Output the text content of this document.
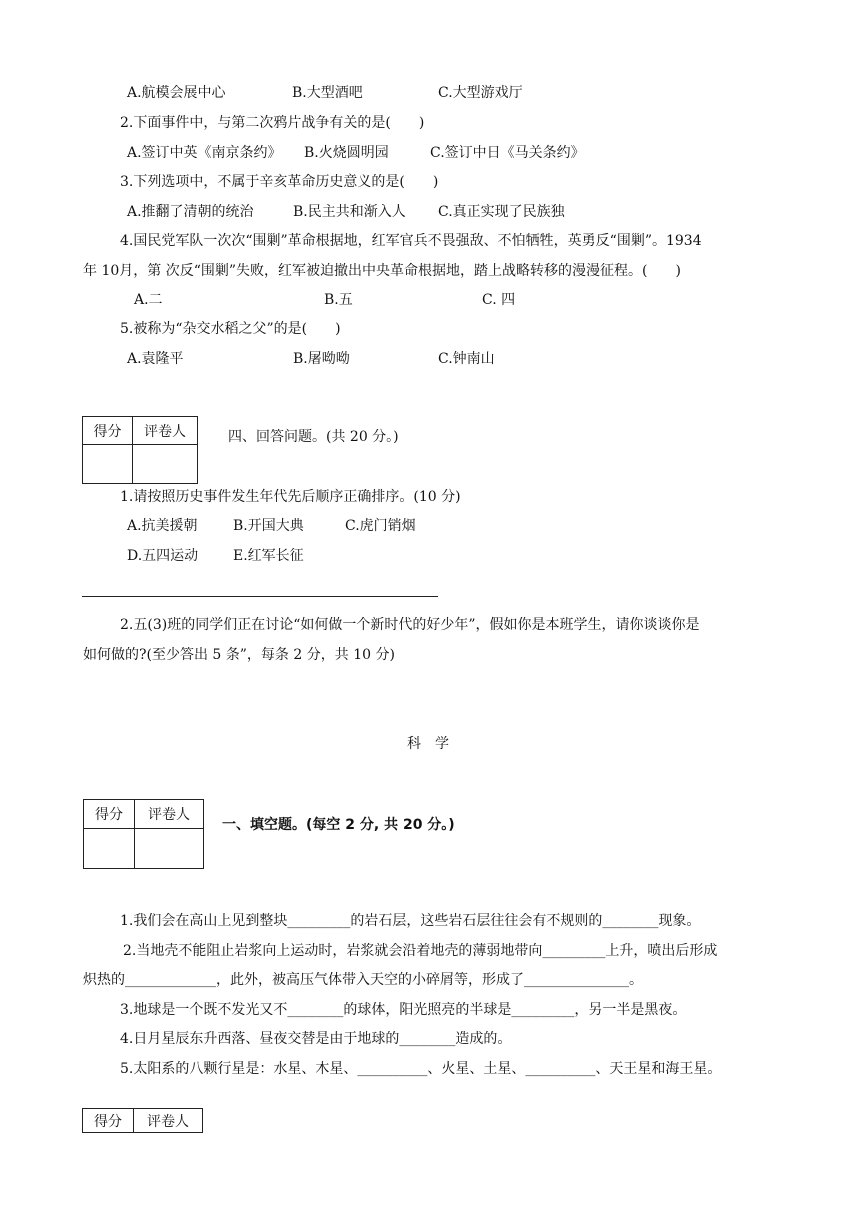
A.航模会展中心	B.大型酒吧	C.大型游戏厅
2.下面事件中，与第二次鸦片战争有关的是(　　)
A.签订中英《南京条约》 B.火烧圆明园	C.签订中日《马关条约》
3.下列选项中，不属于辛亥革命历史意义的是(　　)
A.推翻了清朝的统治	B.民主共和渐入人 C.真正实现了民族独
4.国民党军队一次次“围剿”革命根据地，红军官兵不畏强敌、不怕牺牲，英勇反“围剿”。1934
年 10月，第 次反“围剿”失败，红军被迫撤出中央革命根据地，踏上战略转移的漫漫征程。(　　)
A.二	B.五	C. 四
5.被称为“杂交水稻之父”的是(　　)
A.袁隆平	B.屠呦呦	C.钟南山
得分	评卷人
		四、回答问题。(共 20 分。)
1.请按照历史事件发生年代先后顺序正确排序。(10 分)
A.抗美援朝	B.开国大典	C.虎门销烟
D.五四运动 E.红军长征
2.五(3)班的同学们正在讨论“如何做一个新时代的好少年”，假如你是本班学生，请你谈谈你是
如何做的?(至少答出 5 条”，每条 2 分，共 10 分)
科　学
得分	评卷人

一、填空题。(每空 2 分, 共 20 分。)
1.我们会在高山上见到整块_________的岩石层，这些岩石层往往会有不规则的________现象。
2.当地壳不能阻止岩浆向上运动时，岩浆就会沿着地壳的薄弱地带向_________上升，喷出后形成
炽热的_____________，此外，被高压气体带入天空的小碎屑等，形成了_______________。
3.地球是一个既不发光又不________的球体，阳光照亮的半球是_________，另一半是黑夜。
4.日月星辰东升西落、昼夜交替是由于地球的________造成的。
5.太阳系的八颗行星是：水星、木星、__________、火星、土星、__________、天王星和海王星。
得分	评卷人
